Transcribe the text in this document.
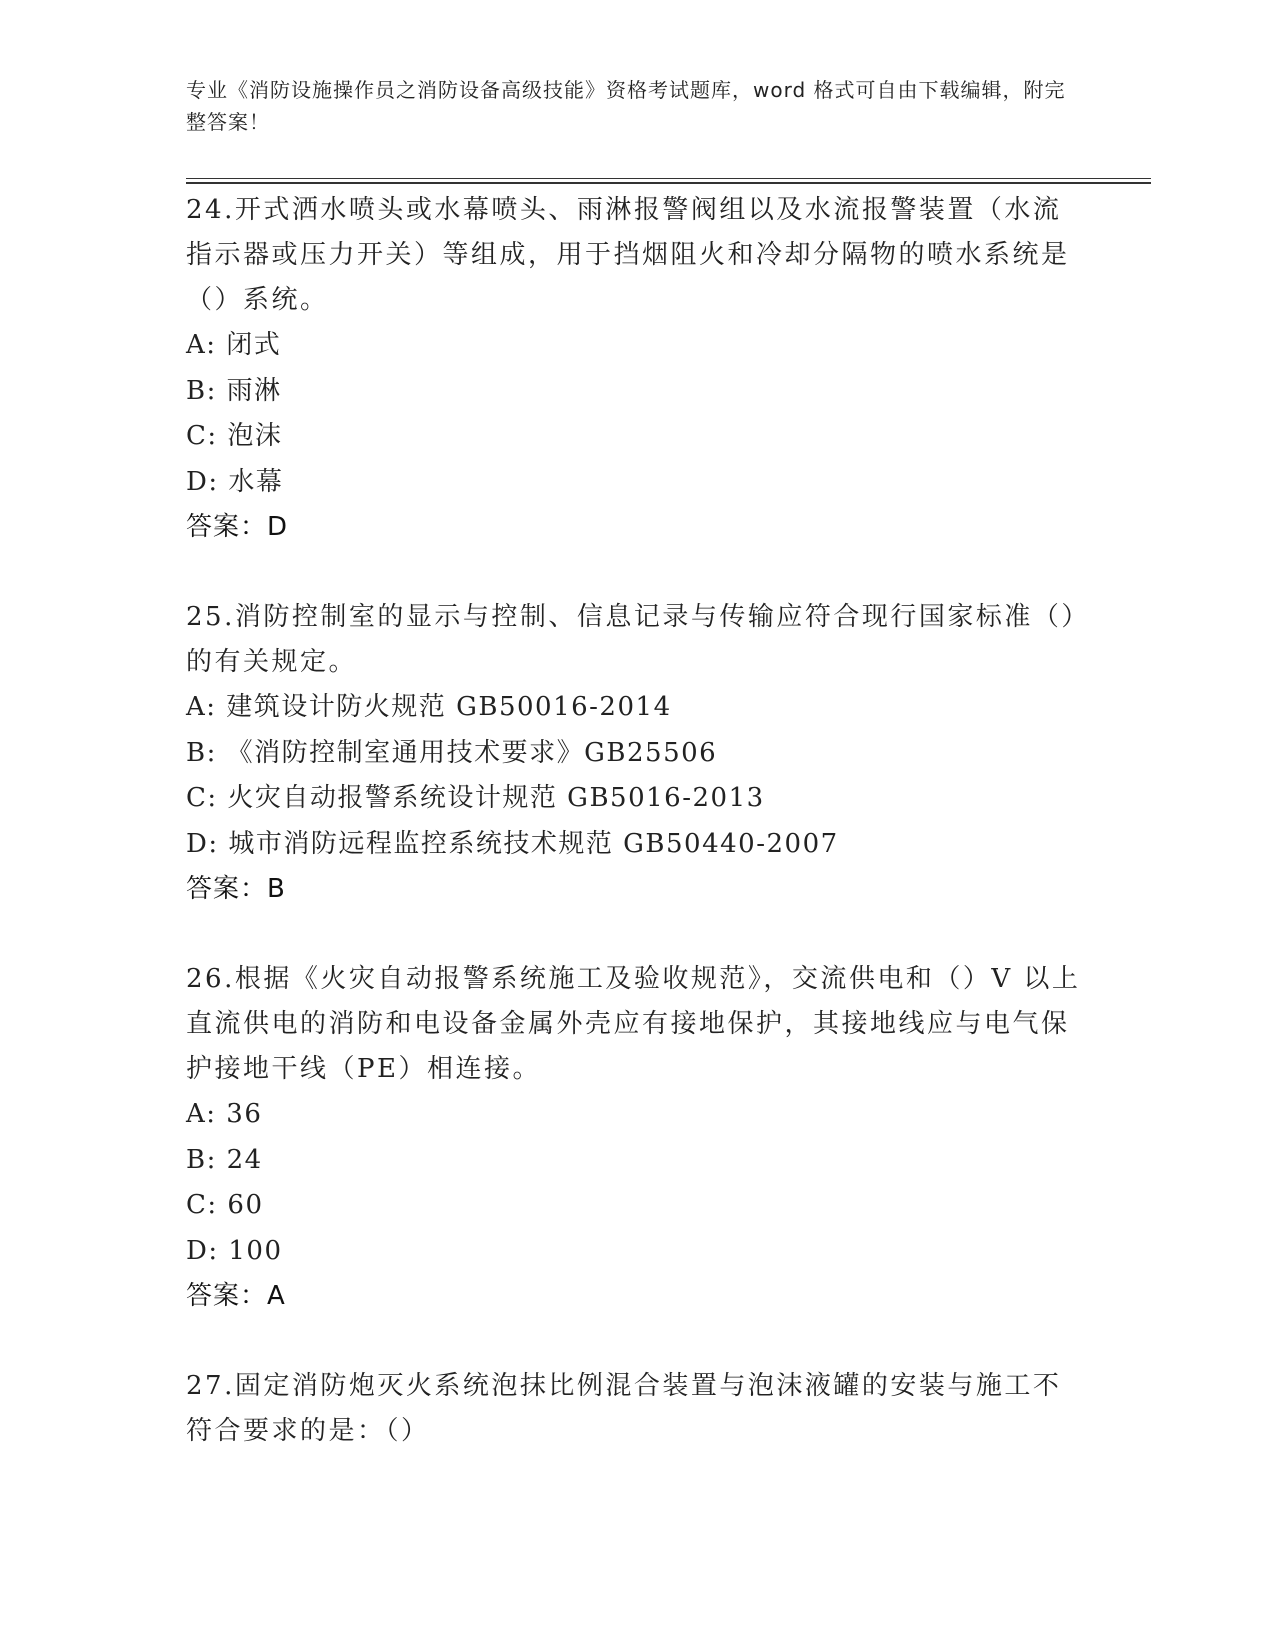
专业《消防设施操作员之消防设备高级技能》资格考试题库，word 格式可自由下载编辑，附完整答案！

24.开式洒水喷头或水幕喷头、雨淋报警阀组以及水流报警装置（水流指示器或压力开关）等组成，用于挡烟阻火和冷却分隔物的喷水系统是（）系统。

A: 闭式
B: 雨淋
C: 泡沫
D: 水幕
答案：D

25.消防控制室的显示与控制、信息记录与传输应符合现行国家标准（）的有关规定。

A: 建筑设计防火规范 GB50016-2014
B: 《消防控制室通用技术要求》GB25506
C: 火灾自动报警系统设计规范 GB5016-2013
D: 城市消防远程监控系统技术规范 GB50440-2007
答案：B

26.根据《火灾自动报警系统施工及验收规范》，交流供电和（）V 以上直流供电的消防和电设备金属外壳应有接地保护，其接地线应与电气保护接地干线（PE）相连接。

A: 36
B: 24
C: 60
D: 100
答案：A

27.固定消防炮灭火系统泡抹比例混合装置与泡沫液罐的安装与施工不符合要求的是：（）
